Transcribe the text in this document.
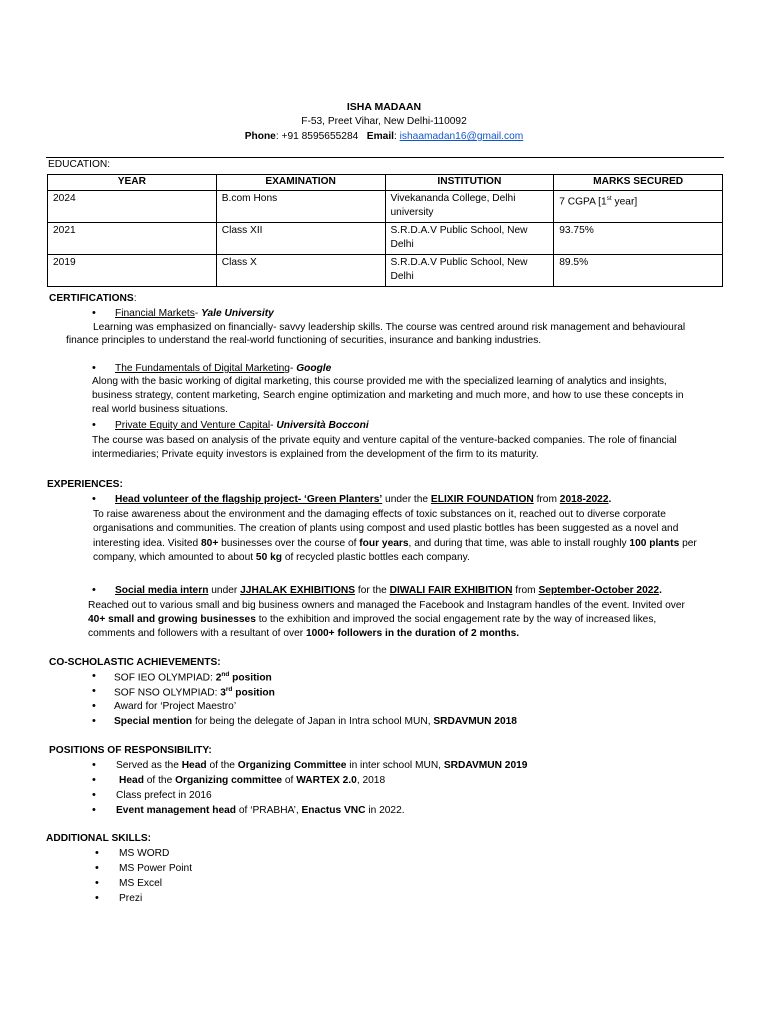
ISHA MADAAN
F-53, Preet Vihar, New Delhi-110092
Phone: +91 8595655284 Email: ishaamadan16@gmail.com
EDUCATION:
YEAR	EXAMINATION	INSTITUTION	MARKS SECURED
2024	B.com Hons	Vivekananda College, Delhi university	7 CGPA [1st year]
2021	Class XII	S.R.D.A.V Public School, New Delhi	93.75%
2019	Class X	S.R.D.A.V Public School, New Delhi	89.5%
CERTIFICATIONS:
• Financial Markets- Yale University
Learning was emphasized on financially- savvy leadership skills. The course was centred around risk management and behavioural
finance principles to understand the real-world functioning of securities, insurance and banking industries.
• The Fundamentals of Digital Marketing- Google
Along with the basic working of digital marketing, this course provided me with the specialized learning of analytics and insights,
business strategy, content marketing, Search engine optimization and marketing and much more, and how to use these concepts in
real world business situations.
• Private Equity and Venture Capital- Università Bocconi
The course was based on analysis of the private equity and venture capital of the venture-backed companies. The role of financial
intermediaries; Private equity investors is explained from the development of the firm to its maturity.
EXPERIENCES:
• Head volunteer of the flagship project- ‘Green Planters’ under the ELIXIR FOUNDATION from 2018-2022.
To raise awareness about the environment and the damaging effects of toxic substances on it, reached out to diverse corporate
organisations and communities. The creation of plants using compost and used plastic bottles has been suggested as a novel and
interesting idea. Visited 80+ businesses over the course of four years, and during that time, was able to install roughly 100 plants per
company, which amounted to about 50 kg of recycled plastic bottles each company.
• Social media intern under JJHALAK EXHIBITIONS for the DIWALI FAIR EXHIBITION from September-October 2022.
Reached out to various small and big business owners and managed the Facebook and Instagram handles of the event. Invited over
40+ small and growing businesses to the exhibition and improved the social engagement rate by the way of increased likes,
comments and followers with a resultant of over 1000+ followers in the duration of 2 months.
CO-SCHOLASTIC ACHIEVEMENTS:
• SOF IEO OLYMPIAD: 2nd position
• SOF NSO OLYMPIAD: 3rd position
• Award for ‘Project Maestro’
• Special mention for being the delegate of Japan in Intra school MUN, SRDAVMUN 2018
POSITIONS OF RESPONSIBILITY:
• Served as the Head of the Organizing Committee in inter school MUN, SRDAVMUN 2019
• Head of the Organizing committee of WARTEX 2.0, 2018
• Class prefect in 2016
• Event management head of ‘PRABHA’, Enactus VNC in 2022.
ADDITIONAL SKILLS:
• MS WORD
• MS Power Point
• MS Excel
• Prezi
